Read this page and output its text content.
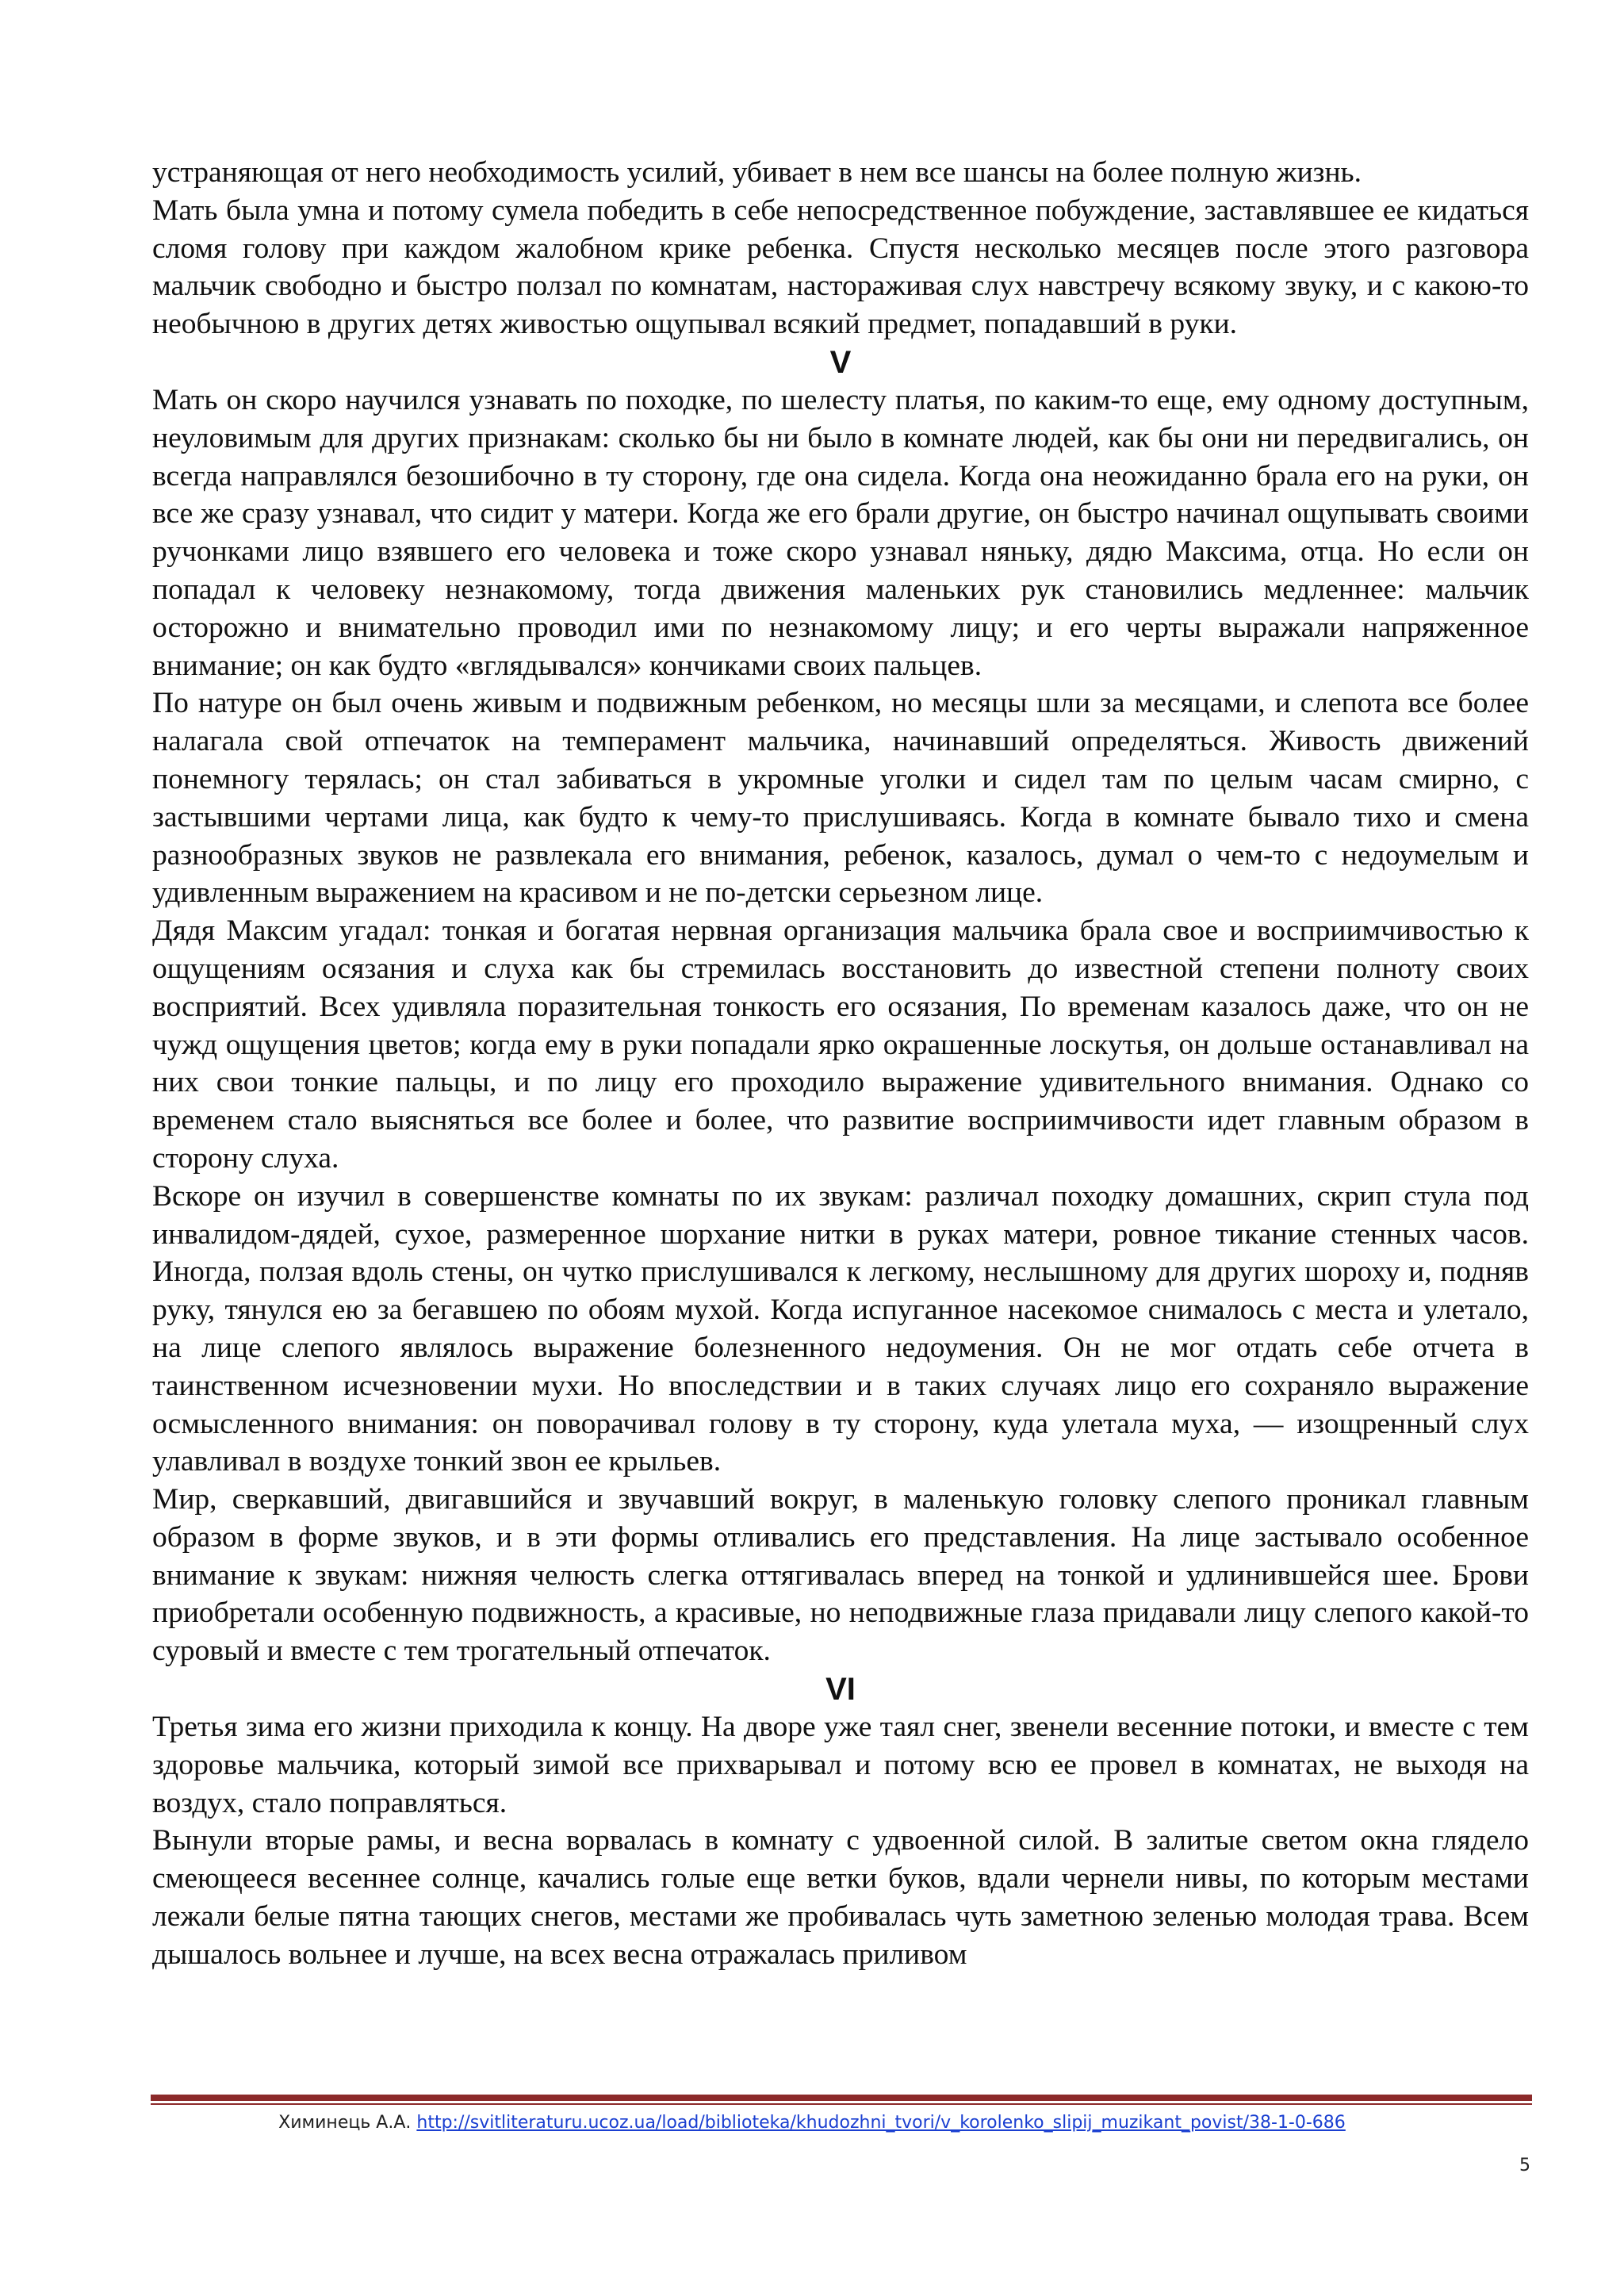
устраняющая от него необходимость усилий, убивает в нем все шансы на более полную жизнь.

Мать была умна и потому сумела победить в себе непосредственное побуждение, заставлявшее ее кидаться сломя голову при каждом жалобном крике ребенка. Спустя несколько месяцев после этого разговора мальчик свободно и быстро ползал по комнатам, настораживая слух навстречу всякому звуку, и с какою-то необычною в других детях живостью ощупывал всякий предмет, попадавший в руки.

V

Мать он скоро научился узнавать по походке, по шелесту платья, по каким-то еще, ему одному доступным, неуловимым для других признакам: сколько бы ни было в комнате людей, как бы они ни передвигались, он всегда направлялся безошибочно в ту сторону, где она сидела. Когда она неожиданно брала его на руки, он все же сразу узнавал, что сидит у матери. Когда же его брали другие, он быстро начинал ощупывать своими ручонками лицо взявшего его человека и тоже скоро узнавал няньку, дядю Максима, отца. Но если он попадал к человеку незнакомому, тогда движения маленьких рук становились медленнее: мальчик осторожно и внимательно проводил ими по незнакомому лицу; и его черты выражали напряженное внимание; он как будто «вглядывался» кончиками своих пальцев.

По натуре он был очень живым и подвижным ребенком, но месяцы шли за месяцами, и слепота все более налагала свой отпечаток на темперамент мальчика, начинавший определяться. Живость движений понемногу терялась; он стал забиваться в укромные уголки и сидел там по целым часам смирно, с застывшими чертами лица, как будто к чему-то прислушиваясь. Когда в комнате бывало тихо и смена разнообразных звуков не развлекала его внимания, ребенок, казалось, думал о чем-то с недоумелым и удивленным выражением на красивом и не по-детски серьезном лице.

Дядя Максим угадал: тонкая и богатая нервная организация мальчика брала свое и восприимчивостью к ощущениям осязания и слуха как бы стремилась восстановить до известной степени полноту своих восприятий. Всех удивляла поразительная тонкость его осязания, По временам казалось даже, что он не чужд ощущения цветов; когда ему в руки попадали ярко окрашенные лоскутья, он дольше останавливал на них свои тонкие пальцы, и по лицу его проходило выражение удивительного внимания. Однако со временем стало выясняться все более и более, что развитие восприимчивости идет главным образом в сторону слуха.

Вскоре он изучил в совершенстве комнаты по их звукам: различал походку домашних, скрип стула под инвалидом-дядей, сухое, размеренное шорхание нитки в руках матери, ровное тикание стенных часов. Иногда, ползая вдоль стены, он чутко прислушивался к легкому, неслышному для других шороху и, подняв руку, тянулся ею за бегавшею по обоям мухой. Когда испуганное насекомое снималось с места и улетало, на лице слепого являлось выражение болезненного недоумения. Он не мог отдать себе отчета в таинственном исчезновении мухи. Но впоследствии и в таких случаях лицо его сохраняло выражение осмысленного внимания: он поворачивал голову в ту сторону, куда улетала муха, — изощренный слух улавливал в воздухе тонкий звон ее крыльев.

Мир, сверкавший, двигавшийся и звучавший вокруг, в маленькую головку слепого проникал главным образом в форме звуков, и в эти формы отливались его представления. На лице застывало особенное внимание к звукам: нижняя челюсть слегка оттягивалась вперед на тонкой и удлинившейся шее. Брови приобретали особенную подвижность, а красивые, но неподвижные глаза придавали лицу слепого какой-то суровый и вместе с тем трогательный отпечаток.

VI

Третья зима его жизни приходила к концу. На дворе уже таял снег, звенели весенние потоки, и вместе с тем здоровье мальчика, который зимой все прихварывал и потому всю ее провел в комнатах, не выходя на воздух, стало поправляться.

Вынули вторые рамы, и весна ворвалась в комнату с удвоенной силой. В залитые светом окна глядело смеющееся весеннее солнце, качались голые еще ветки буков, вдали чернели нивы, по которым местами лежали белые пятна тающих снегов, местами же пробивалась чуть заметною зеленью молодая трава. Всем дышалось вольнее и лучше, на всех весна отражалась приливом

Химинець А.А. http://svitliteraturu.ucoz.ua/load/biblioteka/khudozhni_tvori/v_korolenko_slipij_muzikant_povist/38-1-0-686
5
